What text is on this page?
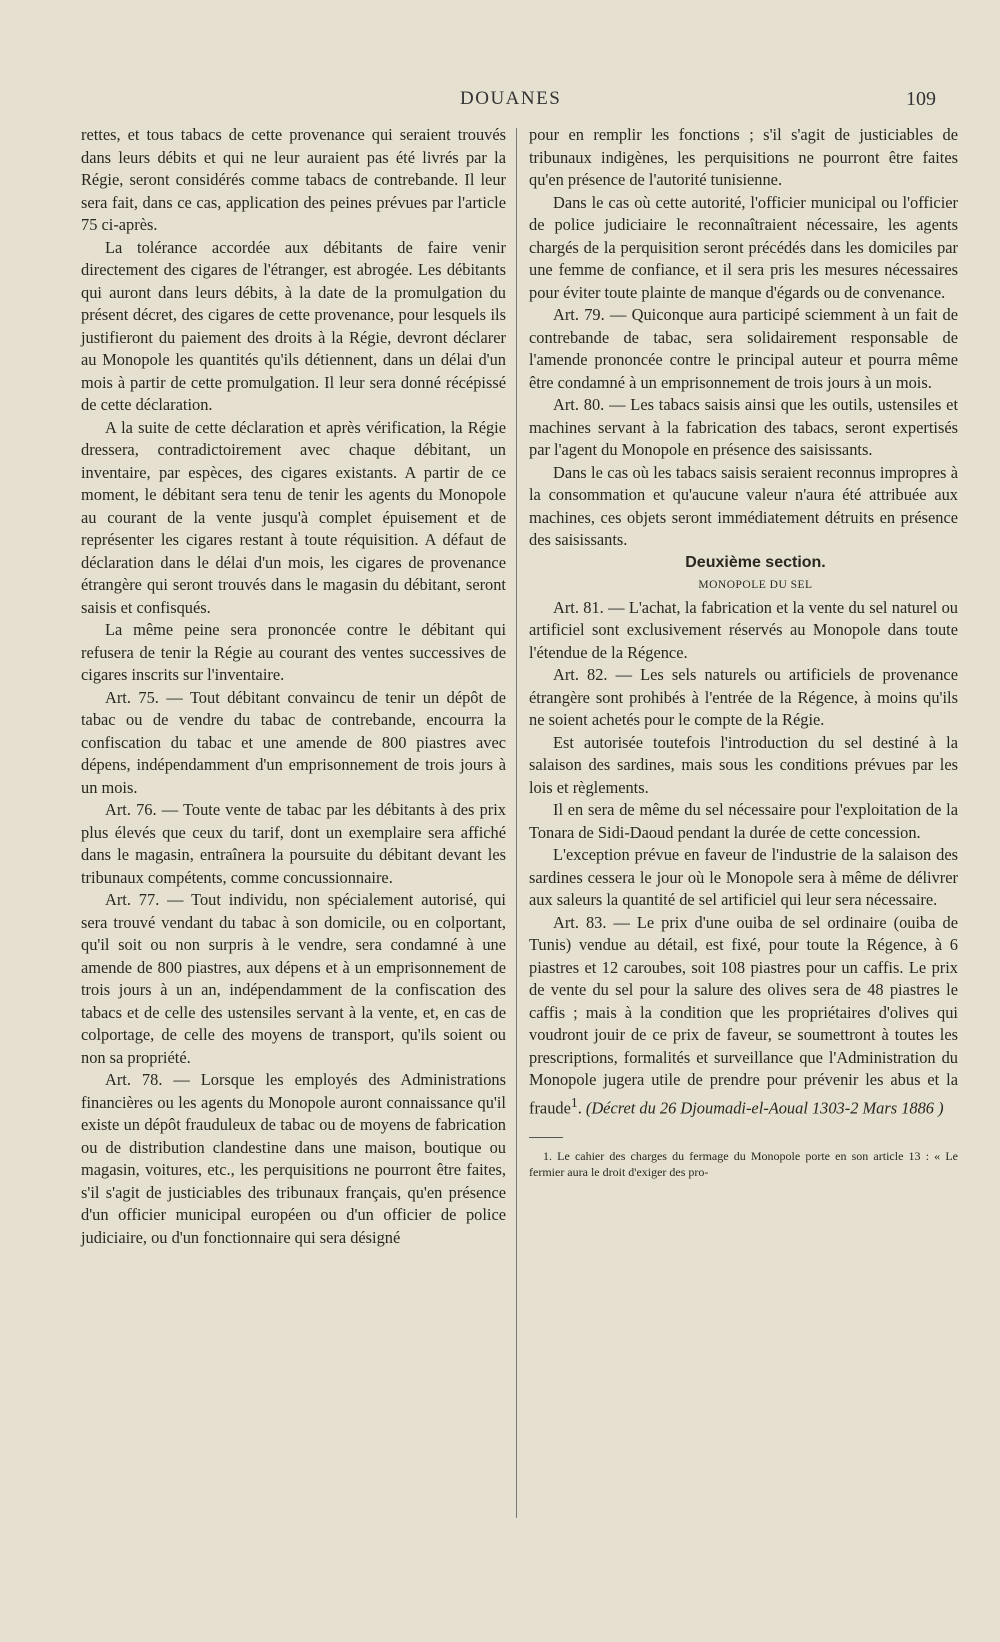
DOUANES	109

rettes, et tous tabacs de cette provenance qui seraient trouvés dans leurs débits et qui ne leur auraient pas été livrés par la Régie, seront considérés comme tabacs de contrebande. Il leur sera fait, dans ce cas, application des peines prévues par l'article 75 ci-après.

La tolérance accordée aux débitants de faire venir directement des cigares de l'étranger, est abrogée. Les débitants qui auront dans leurs débits, à la date de la promulgation du présent décret, des cigares de cette provenance, pour lesquels ils justifieront du paiement des droits à la Régie, devront déclarer au Monopole les quantités qu'ils détiennent, dans un délai d'un mois à partir de cette promulgation. Il leur sera donné récépissé de cette déclaration.

A la suite de cette déclaration et après vérification, la Régie dressera, contradictoirement avec chaque débitant, un inventaire, par espèces, des cigares existants. A partir de ce moment, le débitant sera tenu de tenir les agents du Monopole au courant de la vente jusqu'à complet épuisement et de représenter les cigares restant à toute réquisition. A défaut de déclaration dans le délai d'un mois, les cigares de provenance étrangère qui seront trouvés dans le magasin du débitant, seront saisis et confisqués.

La même peine sera prononcée contre le débitant qui refusera de tenir la Régie au courant des ventes successives de cigares inscrits sur l'inventaire.

Art. 75. — Tout débitant convaincu de tenir un dépôt de tabac ou de vendre du tabac de contrebande, encourra la confiscation du tabac et une amende de 800 piastres avec dépens, indépendamment d'un emprisonnement de trois jours à un mois.

Art. 76. — Toute vente de tabac par les débitants à des prix plus élevés que ceux du tarif, dont un exemplaire sera affiché dans le magasin, entraînera la poursuite du débitant devant les tribunaux compétents, comme concussionnaire.

Art. 77. — Tout individu, non spécialement autorisé, qui sera trouvé vendant du tabac à son domicile, ou en colportant, qu'il soit ou non surpris à le vendre, sera condamné à une amende de 800 piastres, aux dépens et à un emprisonnement de trois jours à un an, indépendamment de la confiscation des tabacs et de celle des ustensiles servant à la vente, et, en cas de colportage, de celle des moyens de transport, qu'ils soient ou non sa propriété.

Art. 78. — Lorsque les employés des Administrations financières ou les agents du Monopole auront connaissance qu'il existe un dépôt frauduleux de tabac ou de moyens de fabrication ou de distribution clandestine dans une maison, boutique ou magasin, voitures, etc., les perquisitions ne pourront être faites, s'il s'agit de justiciables des tribunaux français, qu'en présence d'un officier municipal européen ou d'un officier de police judiciaire, ou d'un fonctionnaire qui sera désigné

pour en remplir les fonctions ; s'il s'agit de justiciables de tribunaux indigènes, les perquisitions ne pourront être faites qu'en présence de l'autorité tunisienne.

Dans le cas où cette autorité, l'officier municipal ou l'officier de police judiciaire le reconnaîtraient nécessaire, les agents chargés de la perquisition seront précédés dans les domiciles par une femme de confiance, et il sera pris les mesures nécessaires pour éviter toute plainte de manque d'égards ou de convenance.

Art. 79. — Quiconque aura participé sciemment à un fait de contrebande de tabac, sera solidairement responsable de l'amende prononcée contre le principal auteur et pourra même être condamné à un emprisonnement de trois jours à un mois.

Art. 80. — Les tabacs saisis ainsi que les outils, ustensiles et machines servant à la fabrication des tabacs, seront expertisés par l'agent du Monopole en présence des saisissants.

Dans le cas où les tabacs saisis seraient reconnus impropres à la consommation et qu'aucune valeur n'aura été attribuée aux machines, ces objets seront immédiatement détruits en présence des saisissants.

Deuxième section.

MONOPOLE DU SEL

Art. 81. — L'achat, la fabrication et la vente du sel naturel ou artificiel sont exclusivement réservés au Monopole dans toute l'étendue de la Régence.

Art. 82. — Les sels naturels ou artificiels de provenance étrangère sont prohibés à l'entrée de la Régence, à moins qu'ils ne soient achetés pour le compte de la Régie.

Est autorisée toutefois l'introduction du sel destiné à la salaison des sardines, mais sous les conditions prévues par les lois et règlements.

Il en sera de même du sel nécessaire pour l'exploitation de la Tonara de Sidi-Daoud pendant la durée de cette concession.

L'exception prévue en faveur de l'industrie de la salaison des sardines cessera le jour où le Monopole sera à même de délivrer aux saleurs la quantité de sel artificiel qui leur sera nécessaire.

Art. 83. — Le prix d'une ouiba de sel ordinaire (ouiba de Tunis) vendue au détail, est fixé, pour toute la Régence, à 6 piastres et 12 caroubes, soit 108 piastres pour un caffis. Le prix de vente du sel pour la salure des olives sera de 48 piastres le caffis ; mais à la condition que les propriétaires d'olives qui voudront jouir de ce prix de faveur, se soumettront à toutes les prescriptions, formalités et surveillance que l'Administration du Monopole jugera utile de prendre pour prévenir les abus et la fraude$^1$. (Décret du 26 Djoumadi-el-Aoual 1303-2 Mars 1886 )

1. Le cahier des charges du fermage du Monopole porte en son article 13 : « Le fermier aura le droit d'exiger des pro-
